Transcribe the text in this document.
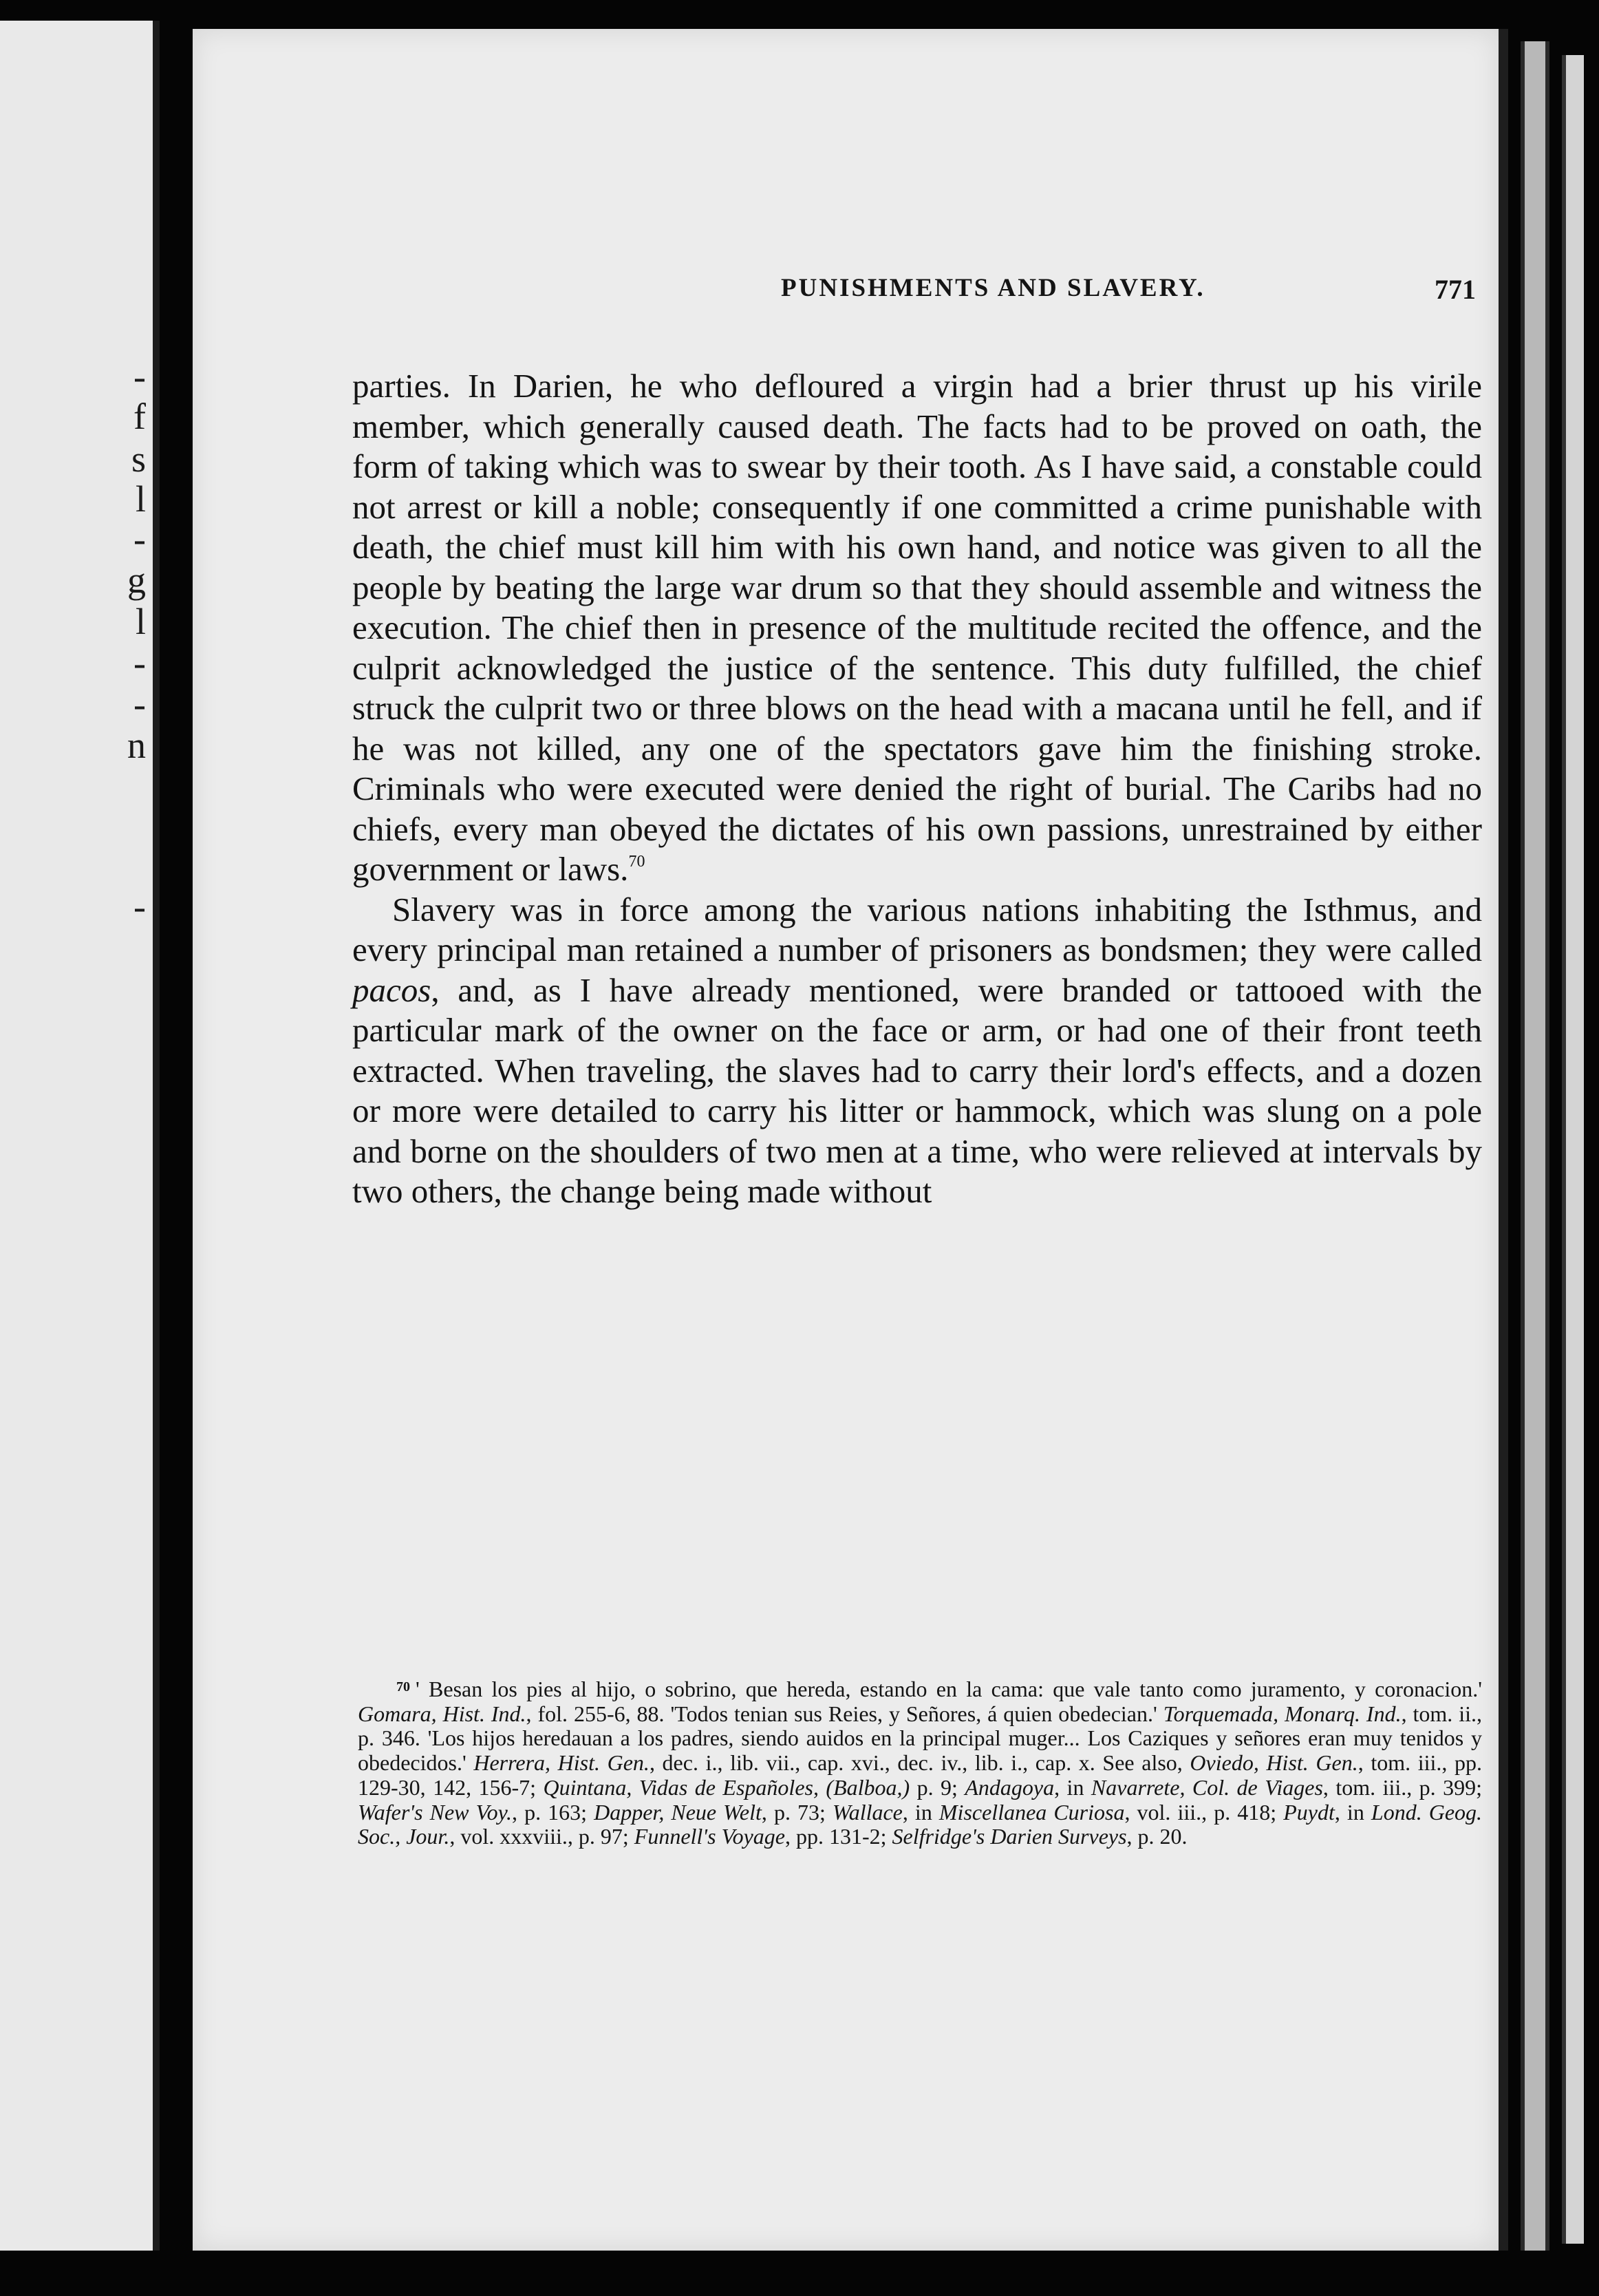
-
f
s
l
-
g
l
-
-
n
-
PUNISHMENTS AND SLAVERY.	771

parties. In Darien, he who defloured a virgin had a brier thrust up his virile member, which generally caused death. The facts had to be proved on oath, the form of taking which was to swear by their tooth. As I have said, a constable could not arrest or kill a noble; consequently if one committed a crime punishable with death, the chief must kill him with his own hand, and notice was given to all the people by beating the large war drum so that they should assemble and witness the execution. The chief then in presence of the multitude recited the offence, and the culprit acknowledged the justice of the sentence. This duty fulfilled, the chief struck the culprit two or three blows on the head with a macana until he fell, and if he was not killed, any one of the spectators gave him the finishing stroke. Criminals who were executed were denied the right of burial. The Caribs had no chiefs, every man obeyed the dictates of his own passions, unrestrained by either government or laws.$^{70}$

Slavery was in force among the various nations inhabiting the Isthmus, and every principal man retained a number of prisoners as bondsmen; they were called pacos, and, as I have already mentioned, were branded or tattooed with the particular mark of the owner on the face or arm, or had one of their front teeth extracted. When traveling, the slaves had to carry their lord's effects, and a dozen or more were detailed to carry his litter or hammock, which was slung on a pole and borne on the shoulders of two men at a time, who were relieved at intervals by two others, the change being made without

$^{70}$ ' Besan los pies al hijo, o sobrino, que hereda, estando en la cama: que vale tanto como juramento, y coronacion.' Gomara, Hist. Ind., fol. 255-6, 88. 'Todos tenian sus Reies, y Señores, á quien obedecian.' Torquemada, Monarq. Ind., tom. ii., p. 346. 'Los hijos heredauan a los padres, siendo auidos en la principal muger... Los Caziques y señores eran muy tenidos y obedecidos.' Herrera, Hist. Gen., dec. i., lib. vii., cap. xvi., dec. iv., lib. i., cap. x. See also, Oviedo, Hist. Gen., tom. iii., pp. 129-30, 142, 156-7; Quintana, Vidas de Españoles, (Balboa,) p. 9; Andagoya, in Navarrete, Col. de Viages, tom. iii., p. 399; Wafer's New Voy., p. 163; Dapper, Neue Welt, p. 73; Wallace, in Miscellanea Curiosa, vol. iii., p. 418; Puydt, in Lond. Geog. Soc., Jour., vol. xxxviii., p. 97; Funnell's Voyage, pp. 131-2; Selfridge's Darien Surveys, p. 20.
